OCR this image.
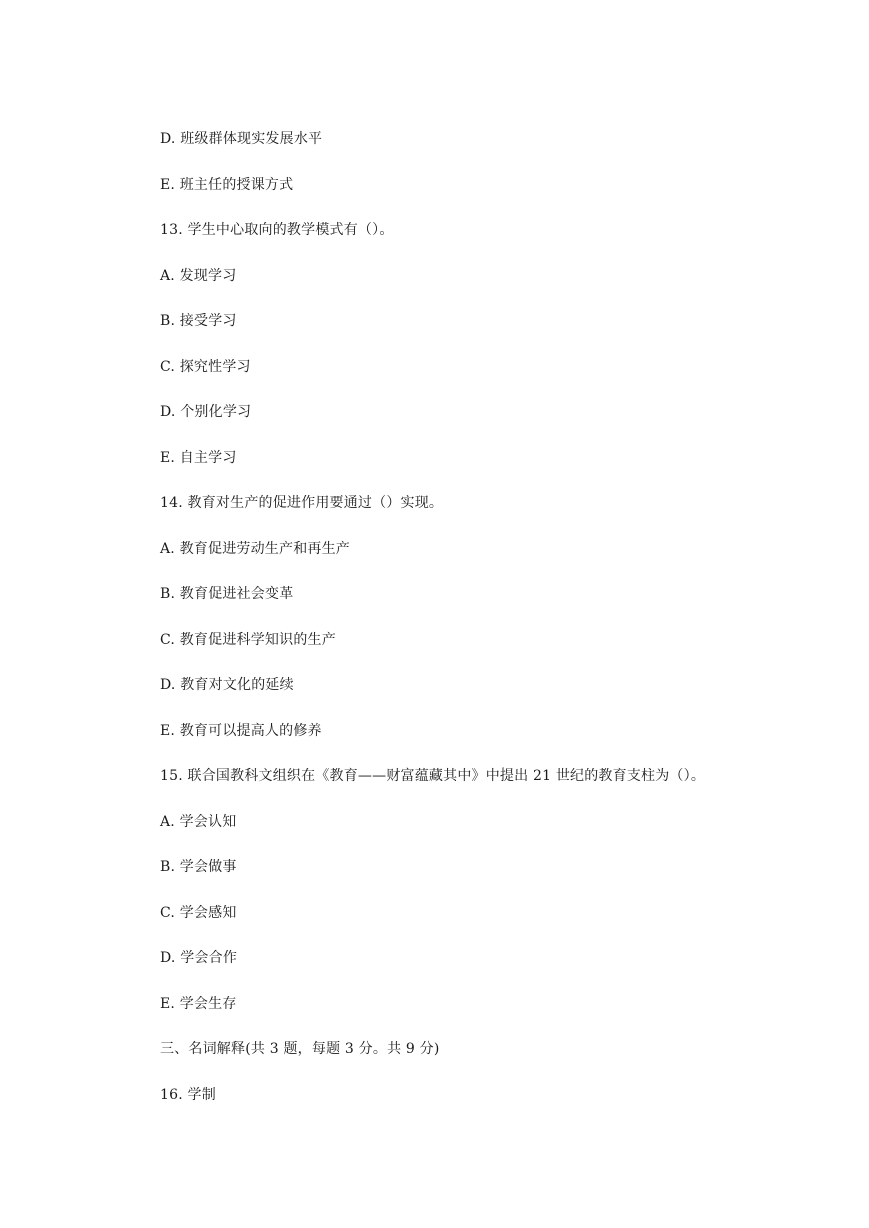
D. 班级群体现实发展水平
E. 班主任的授课方式
13. 学生中心取向的教学模式有（）。
A. 发现学习
B. 接受学习
C. 探究性学习
D. 个别化学习
E. 自主学习
14. 教育对生产的促进作用要通过（）实现。
A. 教育促进劳动生产和再生产
B. 教育促进社会变革
C. 教育促进科学知识的生产
D. 教育对文化的延续
E. 教育可以提高人的修养
15. 联合国教科文组织在《教育——财富蕴藏其中》中提出 21 世纪的教育支柱为（）。
A. 学会认知
B. 学会做事
C. 学会感知
D. 学会合作
E. 学会生存
三、名词解释(共 3 题，每题 3 分。共 9 分)
16. 学制
